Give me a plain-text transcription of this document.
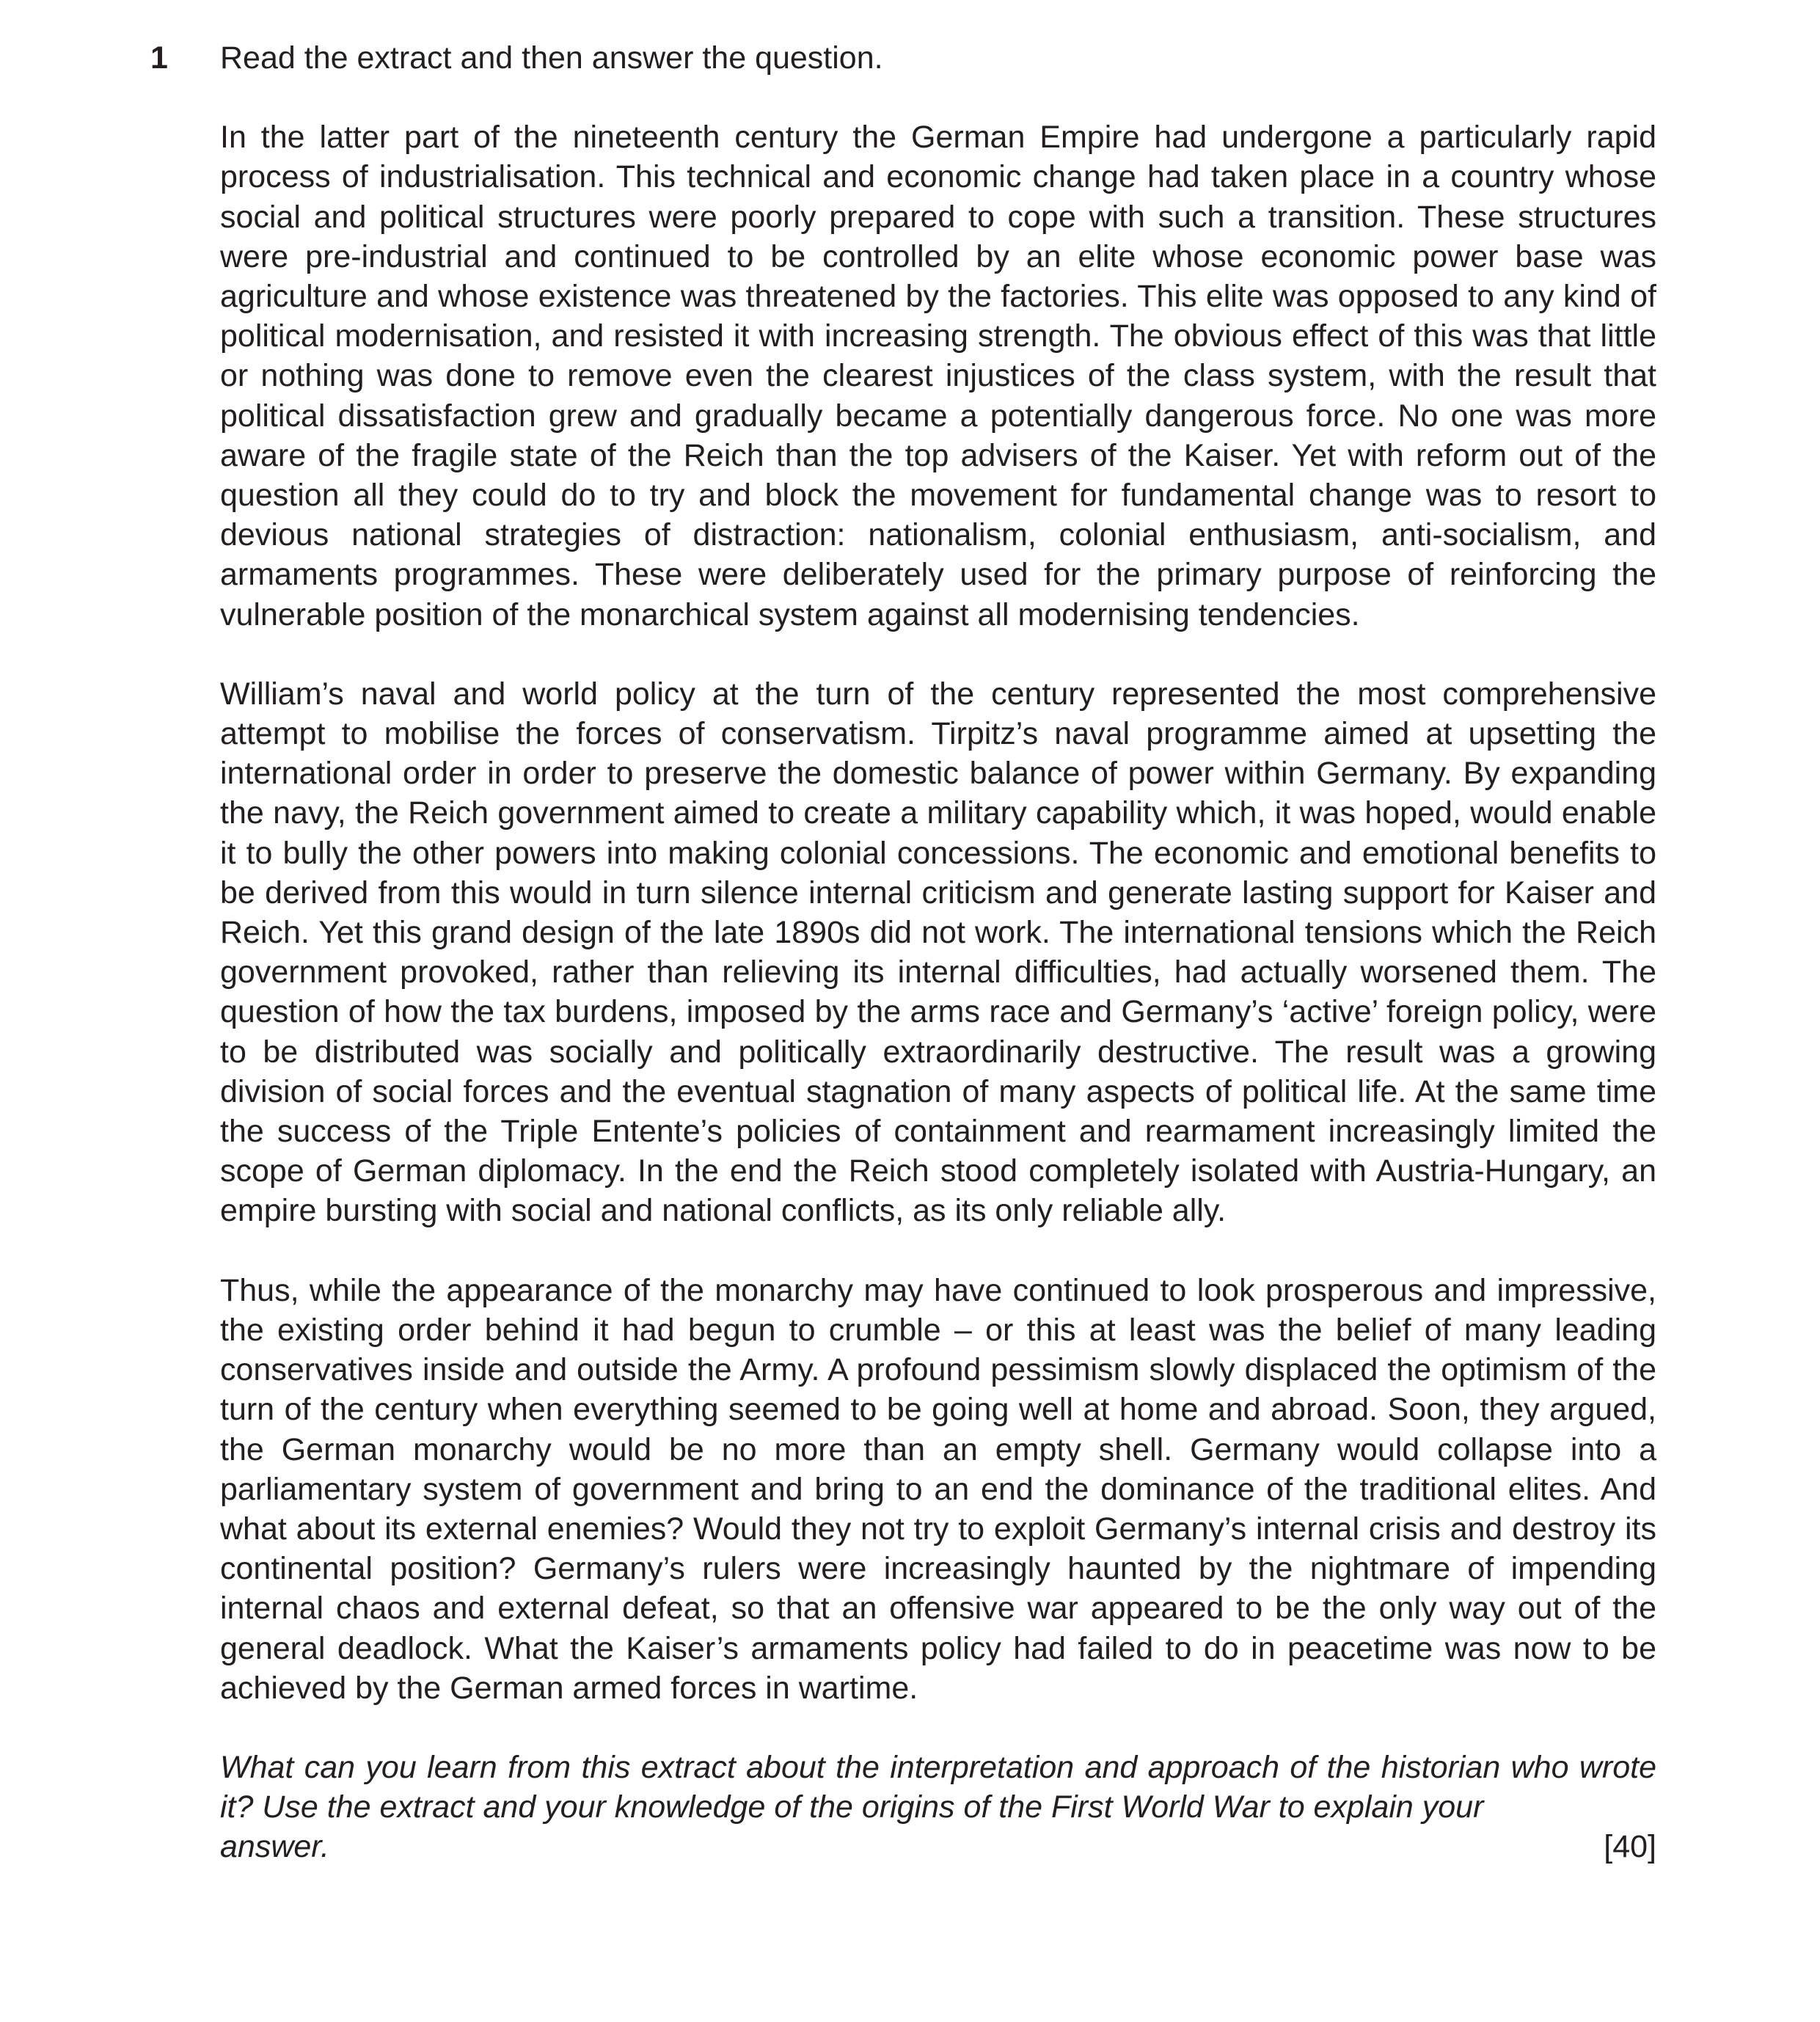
1 Read the extract and then answer the question.

In the latter part of the nineteenth century the German Empire had undergone a particularly rapid process of industrialisation. This technical and economic change had taken place in a country whose social and political structures were poorly prepared to cope with such a transition. These structures were pre-industrial and continued to be controlled by an elite whose economic power base was agriculture and whose existence was threatened by the factories. This elite was opposed to any kind of political modernisation, and resisted it with increasing strength. The obvious effect of this was that little or nothing was done to remove even the clearest injustices of the class system, with the result that political dissatisfaction grew and gradually became a potentially dangerous force. No one was more aware of the fragile state of the Reich than the top advisers of the Kaiser. Yet with reform out of the question all they could do to try and block the movement for fundamental change was to resort to devious national strategies of distraction: nationalism, colonial enthusiasm, anti-socialism, and armaments programmes. These were deliberately used for the primary purpose of reinforcing the vulnerable position of the monarchical system against all modernising tendencies.

William’s naval and world policy at the turn of the century represented the most comprehensive attempt to mobilise the forces of conservatism. Tirpitz’s naval programme aimed at upsetting the international order in order to preserve the domestic balance of power within Germany. By expanding the navy, the Reich government aimed to create a military capability which, it was hoped, would enable it to bully the other powers into making colonial concessions. The economic and emotional benefits to be derived from this would in turn silence internal criticism and generate lasting support for Kaiser and Reich. Yet this grand design of the late 1890s did not work. The international tensions which the Reich government provoked, rather than relieving its internal difficulties, had actually worsened them. The question of how the tax burdens, imposed by the arms race and Germany’s ‘active’ foreign policy, were to be distributed was socially and politically extraordinarily destructive. The result was a growing division of social forces and the eventual stagnation of many aspects of political life. At the same time the success of the Triple Entente’s policies of containment and rearmament increasingly limited the scope of German diplomacy. In the end the Reich stood completely isolated with Austria-Hungary, an empire bursting with social and national conflicts, as its only reliable ally.

Thus, while the appearance of the monarchy may have continued to look prosperous and impressive, the existing order behind it had begun to crumble – or this at least was the belief of many leading conservatives inside and outside the Army. A profound pessimism slowly displaced the optimism of the turn of the century when everything seemed to be going well at home and abroad. Soon, they argued, the German monarchy would be no more than an empty shell. Germany would collapse into a parliamentary system of government and bring to an end the dominance of the traditional elites. And what about its external enemies? Would they not try to exploit Germany’s internal crisis and destroy its continental position? Germany’s rulers were increasingly haunted by the nightmare of impending internal chaos and external defeat, so that an offensive war appeared to be the only way out of the general deadlock. What the Kaiser’s armaments policy had failed to do in peacetime was now to be achieved by the German armed forces in wartime.

What can you learn from this extract about the interpretation and approach of the historian who wrote it? Use the extract and your knowledge of the origins of the First World War to explain your

answer.	[40]
